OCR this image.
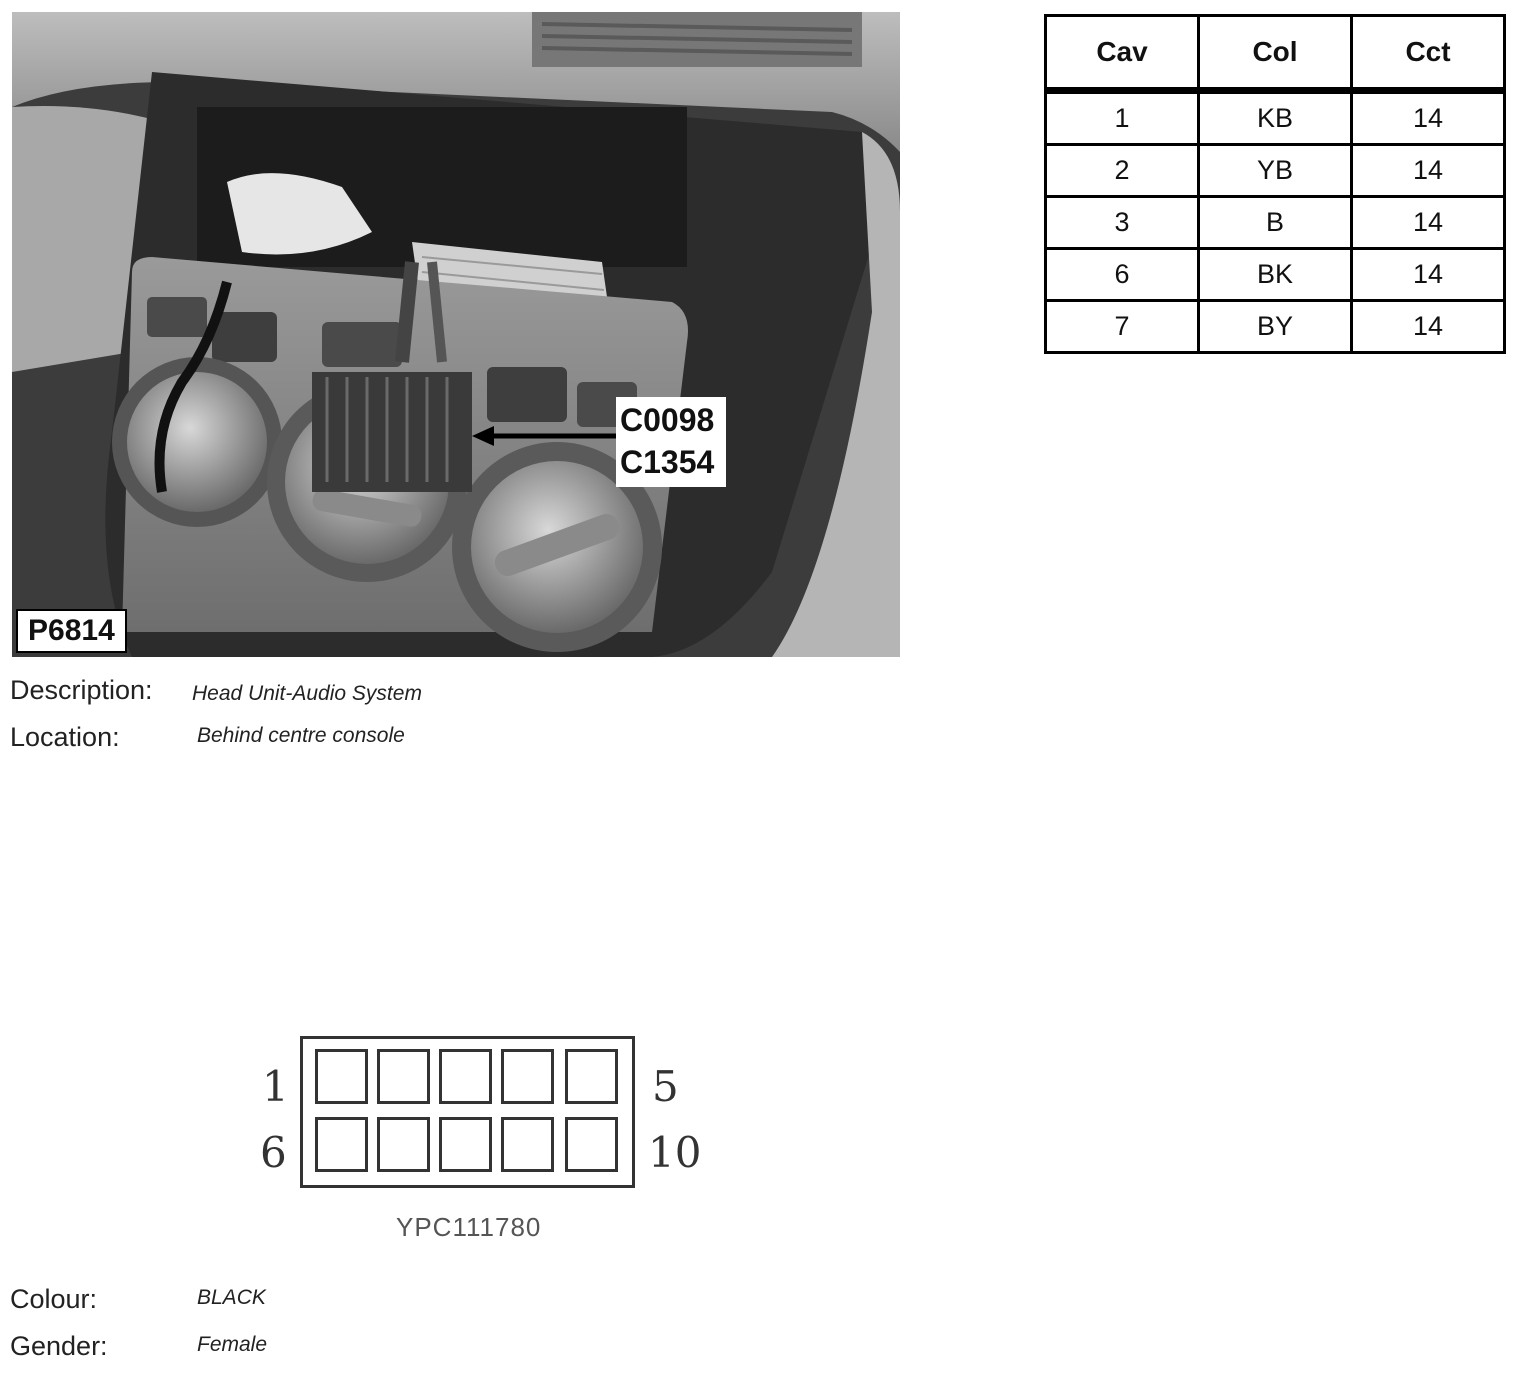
P6814
C0098
C1354
Description: Head Unit-Audio System
Location:	Behind centre console
Cav	Col	Cct
1	KB	14
2	YB	14
3	B	14
6	BK	14
7	BY	14
1	5
6	10
YPC111780
Colour:	BLACK
Gender:	Female
